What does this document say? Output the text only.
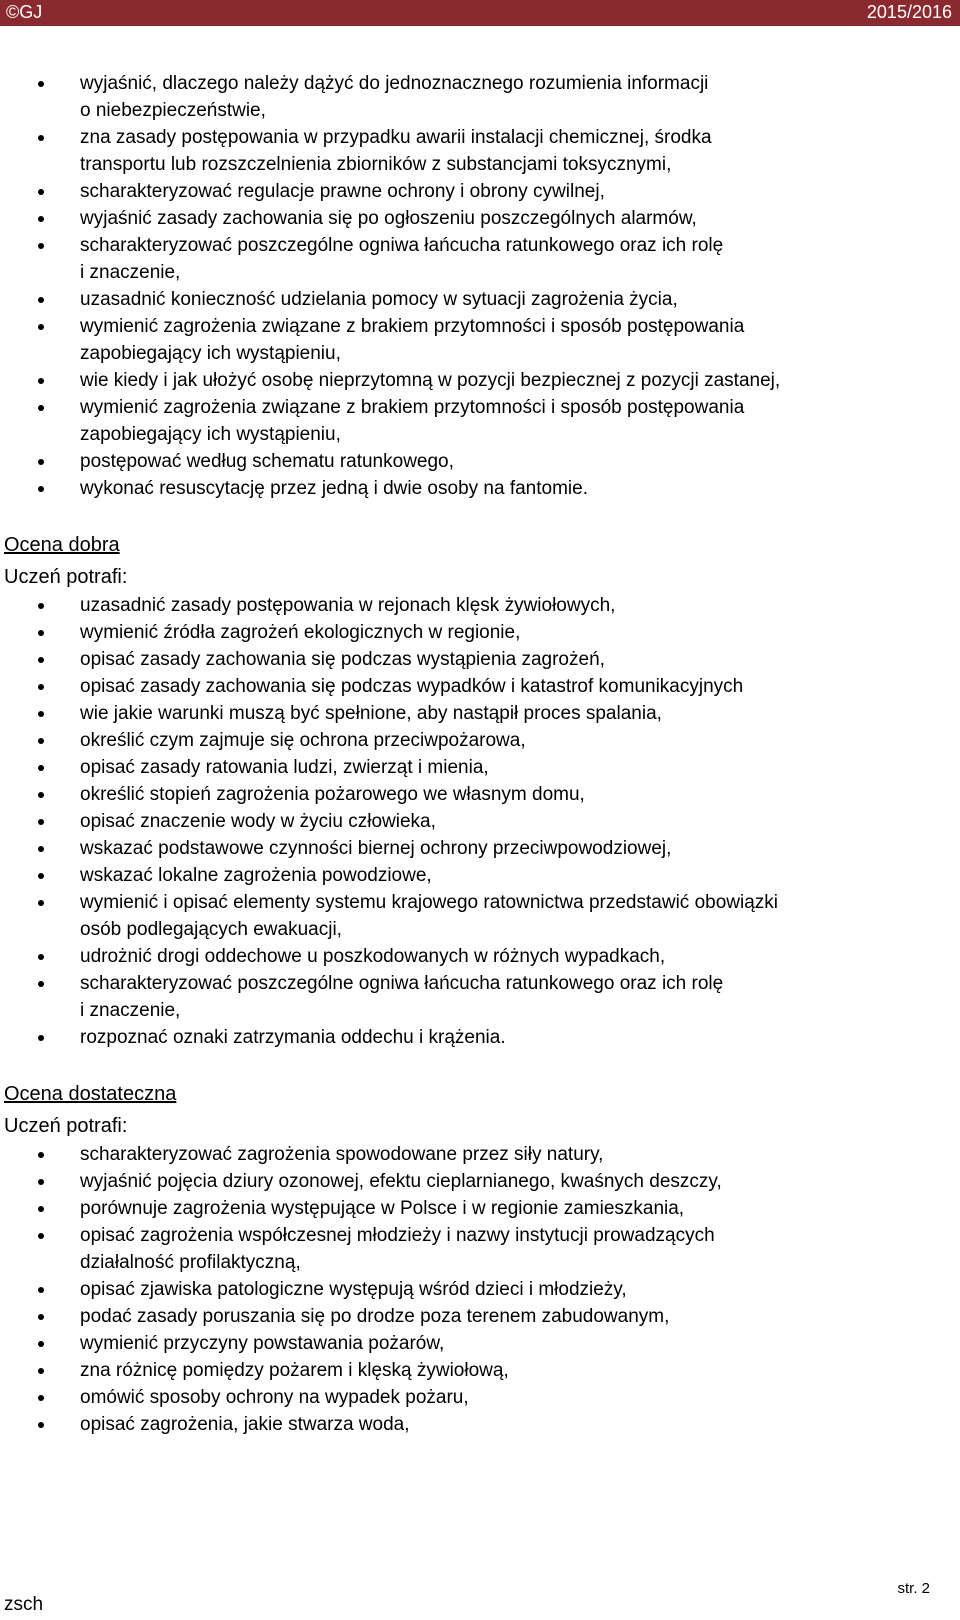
©GJ	2015/2016
wyjaśnić, dlaczego należy dążyć do jednoznacznego rozumienia informacji
o niebezpieczeństwie,
zna zasady postępowania w przypadku awarii instalacji chemicznej, środka
transportu lub rozszczelnienia zbiorników z substancjami toksycznymi,
scharakteryzować regulacje prawne ochrony i obrony cywilnej,
wyjaśnić zasady zachowania się po ogłoszeniu poszczególnych alarmów,
scharakteryzować poszczególne ogniwa łańcucha ratunkowego oraz ich rolę
i znaczenie,
uzasadnić konieczność udzielania pomocy w sytuacji zagrożenia życia,
wymienić zagrożenia związane z brakiem przytomności i sposób postępowania
zapobiegający ich wystąpieniu,
wie kiedy i jak ułożyć osobę nieprzytomną w pozycji bezpiecznej z pozycji zastanej,
wymienić zagrożenia związane z brakiem przytomności i sposób postępowania
zapobiegający ich wystąpieniu,
postępować według schematu ratunkowego,
wykonać resuscytację przez jedną i dwie osoby na fantomie.
Ocena dobra
Uczeń potrafi:
uzasadnić zasady postępowania w rejonach klęsk żywiołowych,
wymienić źródła zagrożeń ekologicznych w regionie,
opisać zasady zachowania się podczas wystąpienia zagrożeń,
opisać zasady zachowania się podczas wypadków i katastrof komunikacyjnych
wie jakie warunki muszą być spełnione, aby nastąpił proces spalania,
określić czym zajmuje się ochrona przeciwpożarowa,
opisać zasady ratowania ludzi, zwierząt i mienia,
określić stopień zagrożenia pożarowego we własnym domu,
opisać znaczenie wody w życiu człowieka,
wskazać podstawowe czynności biernej ochrony przeciwpowodziowej,
wskazać lokalne zagrożenia powodziowe,
wymienić i opisać elementy systemu krajowego ratownictwa przedstawić obowiązki
osób podlegających ewakuacji,
udrożnić drogi oddechowe u poszkodowanych w różnych wypadkach,
scharakteryzować poszczególne ogniwa łańcucha ratunkowego oraz ich rolę
i znaczenie,
rozpoznać oznaki zatrzymania oddechu i krążenia.
Ocena dostateczna
Uczeń potrafi:
scharakteryzować zagrożenia spowodowane przez siły natury,
wyjaśnić pojęcia dziury ozonowej, efektu cieplarnianego, kwaśnych deszczy,
porównuje zagrożenia występujące w Polsce i w regionie zamieszkania,
opisać zagrożenia współczesnej młodzieży i nazwy instytucji prowadzących
działalność profilaktyczną,
opisać zjawiska patologiczne występują wśród dzieci i młodzieży,
podać zasady poruszania się po drodze poza terenem zabudowanym,
wymienić przyczyny powstawania pożarów,
zna różnicę pomiędzy pożarem i klęską żywiołową,
omówić sposoby ochrony na wypadek pożaru,
opisać zagrożenia, jakie stwarza woda,
str. 2
zsch
